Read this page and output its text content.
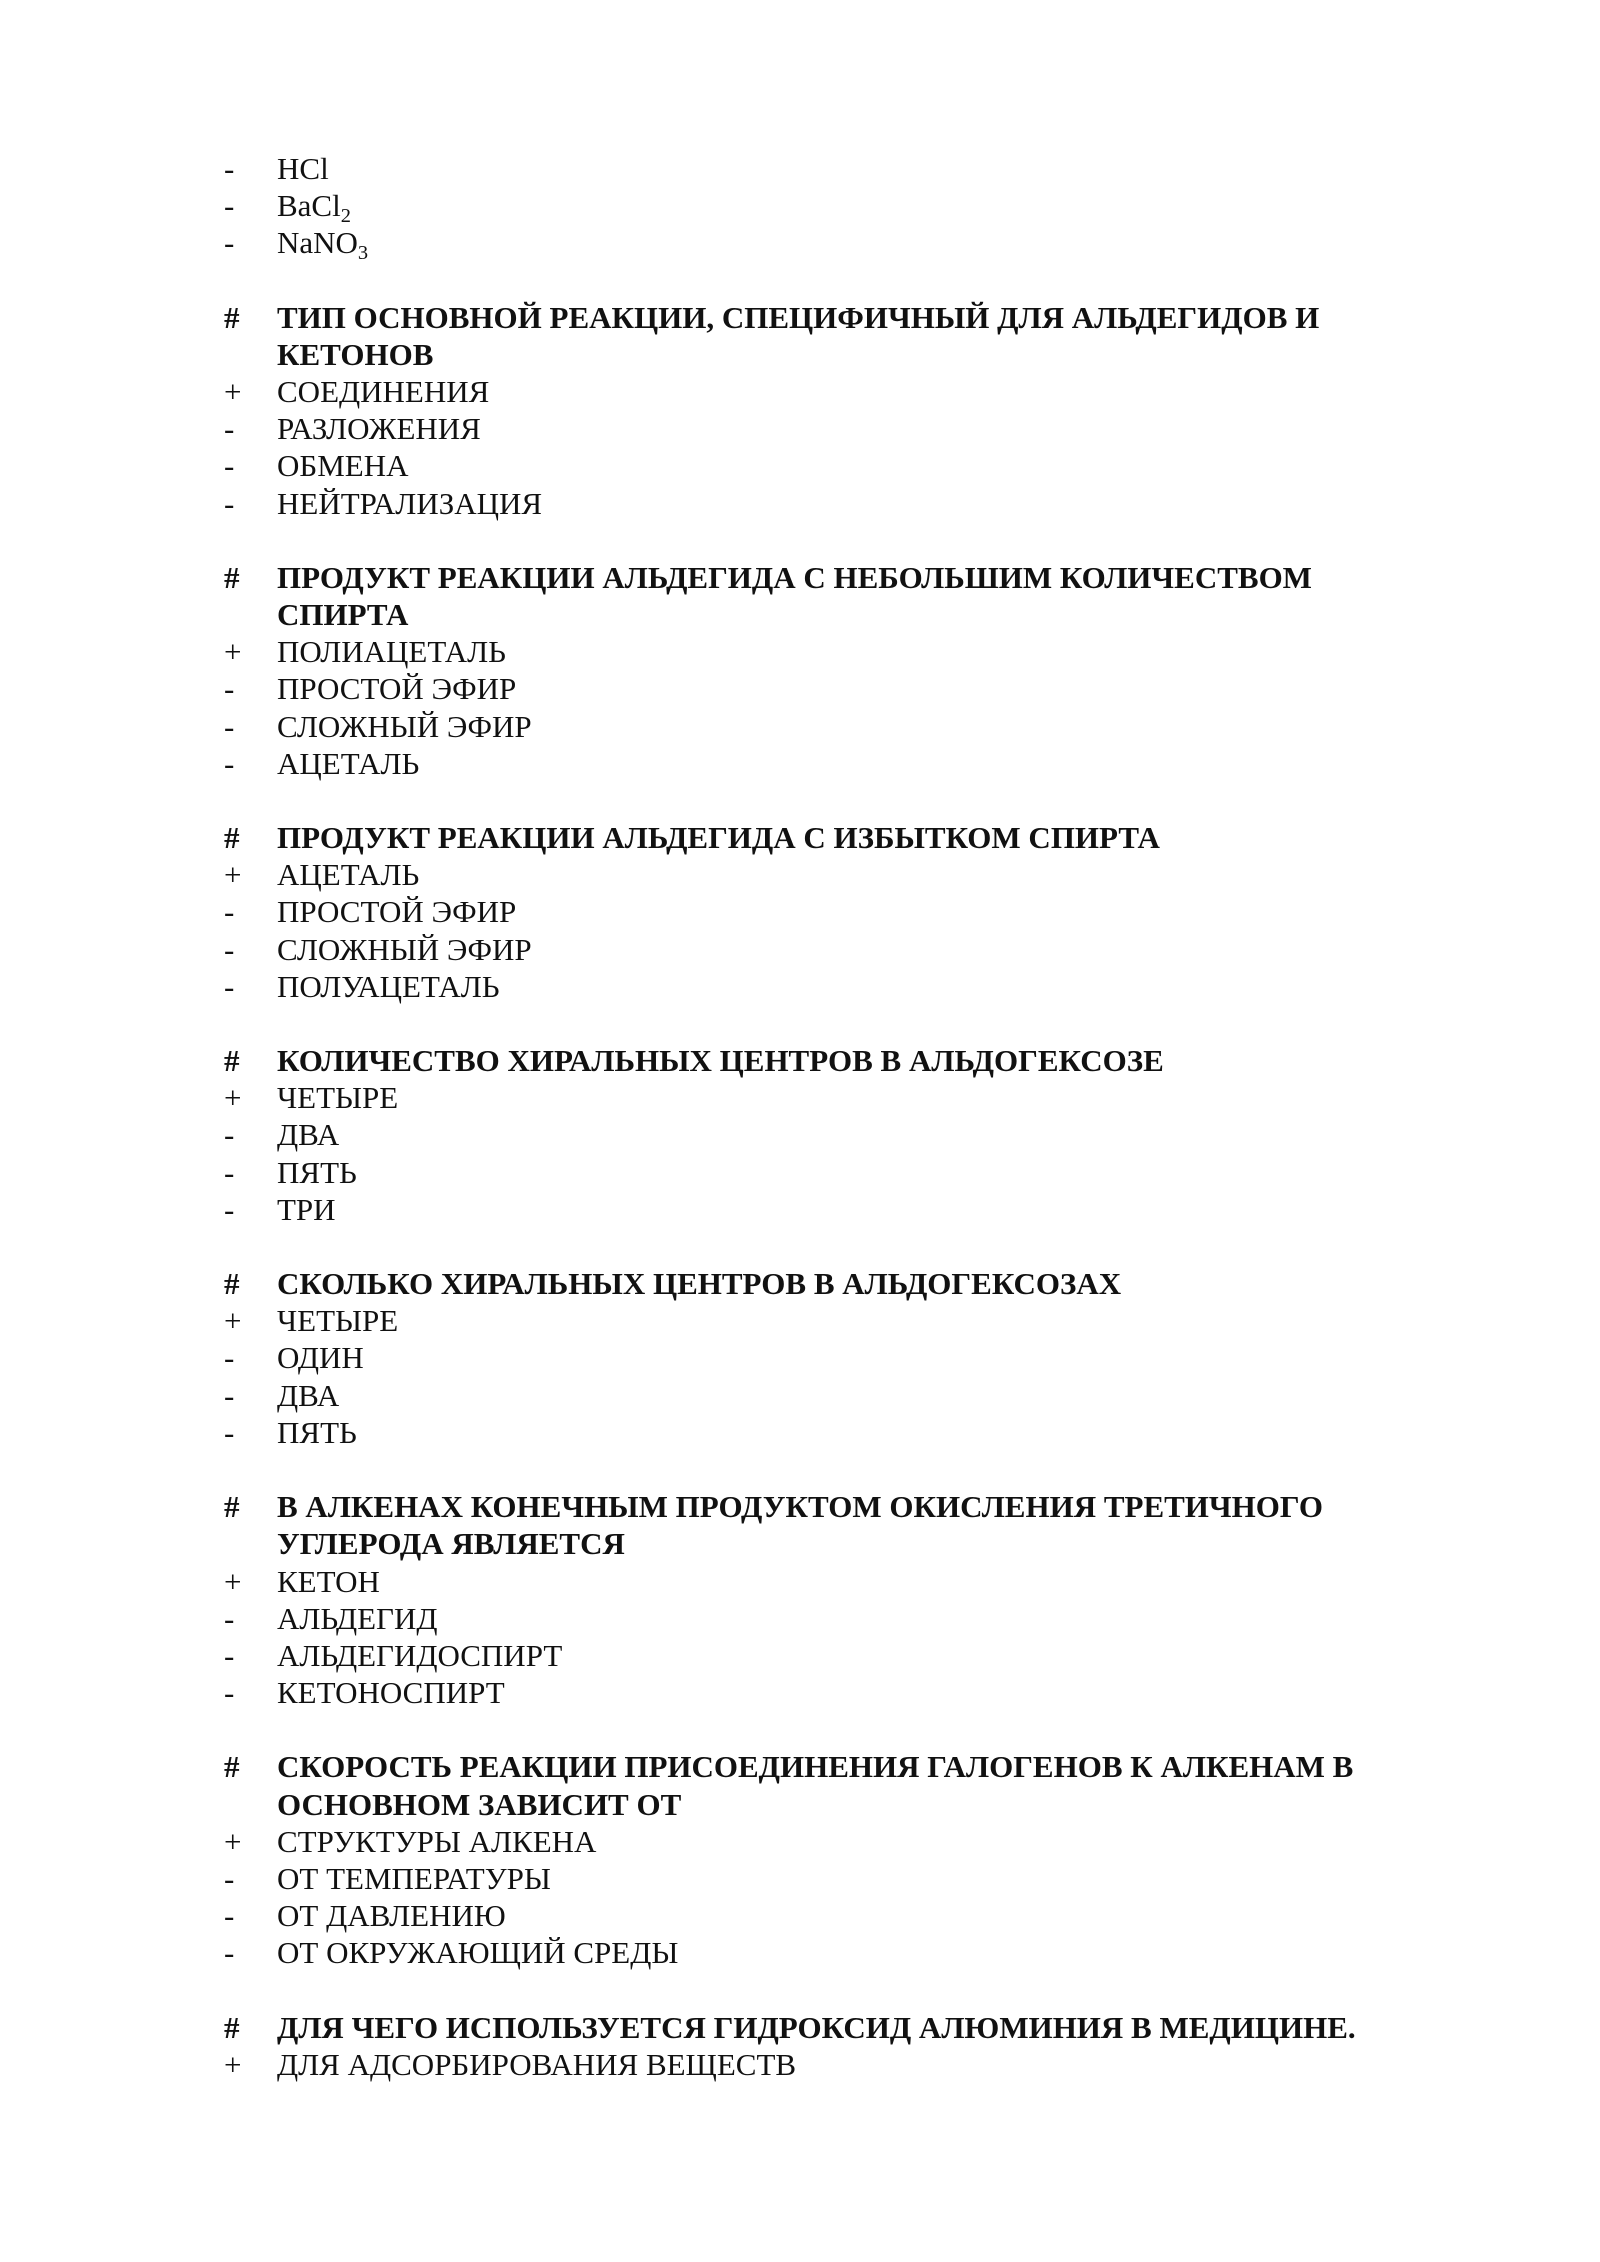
-	HCl
-	BaCl$_2$
-	NaNO$_3$
#	ТИП ОСНОВНОЙ РЕАКЦИИ, СПЕЦИФИЧНЫЙ ДЛЯ АЛЬДЕГИДОВ И КЕТОНОВ
+	СОЕДИНЕНИЯ
-	РАЗЛОЖЕНИЯ
-	ОБМЕНА
-	НЕЙТРАЛИЗАЦИЯ
#	ПРОДУКТ РЕАКЦИИ АЛЬДЕГИДА С НЕБОЛЬШИМ КОЛИЧЕСТВОМ СПИРТА
+	ПОЛИАЦЕТАЛЬ
-	ПРОСТОЙ ЭФИР
-	СЛОЖНЫЙ ЭФИР
-	АЦЕТАЛЬ
#	ПРОДУКТ РЕАКЦИИ АЛЬДЕГИДА С ИЗБЫТКОМ СПИРТА
+	АЦЕТАЛЬ
-	ПРОСТОЙ ЭФИР
-	СЛОЖНЫЙ ЭФИР
-	ПОЛУАЦЕТАЛЬ
#	КОЛИЧЕСТВО ХИРАЛЬНЫХ ЦЕНТРОВ В АЛЬДОГЕКСОЗЕ
+	ЧЕТЫРЕ
-	ДВА
-	ПЯТЬ
-	ТРИ
#	СКОЛЬКО ХИРАЛЬНЫХ ЦЕНТРОВ В АЛЬДОГЕКСОЗАХ
+	ЧЕТЫРЕ
-	ОДИН
-	ДВА
-	ПЯТЬ
#	В АЛКЕНАХ КОНЕЧНЫМ ПРОДУКТОМ ОКИСЛЕНИЯ ТРЕТИЧНОГО УГЛЕРОДА ЯВЛЯЕТСЯ
+	КЕТОН
-	АЛЬДЕГИД
-	АЛЬДЕГИДОСПИРТ
-	КЕТОНОСПИРТ
#	СКОРОСТЬ РЕАКЦИИ ПРИСОЕДИНЕНИЯ ГАЛОГЕНОВ К АЛКЕНАМ В ОСНОВНОМ ЗАВИСИТ ОТ
+	СТРУКТУРЫ АЛКЕНА
-	ОТ ТЕМПЕРАТУРЫ
-	ОТ ДАВЛЕНИЮ
-	ОТ ОКРУЖАЮЩИЙ СРЕДЫ
#	ДЛЯ ЧЕГО ИСПОЛЬЗУЕТСЯ ГИДРОКСИД АЛЮМИНИЯ В МЕДИЦИНЕ.
+	ДЛЯ АДСОРБИРОВАНИЯ ВЕЩЕСТВ
